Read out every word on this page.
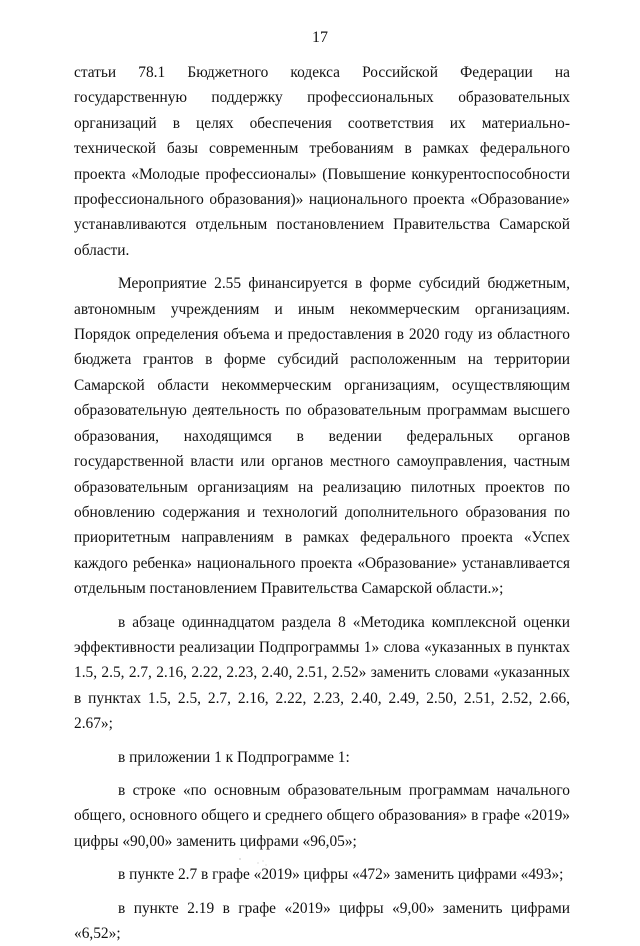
17

статьи 78.1 Бюджетного кодекса Российской Федерации на государственную поддержку профессиональных образовательных организаций в целях обеспечения соответствия их материально-технической базы современным требованиям в рамках федерального проекта «Молодые профессионалы» (Повышение конкурентоспособности профессионального образования)» национального проекта «Образование» устанавливаются отдельным постановлением Правительства Самарской области.

Мероприятие 2.55 финансируется в форме субсидий бюджетным, автономным учреждениям и иным некоммерческим организациям. Порядок определения объема и предоставления в 2020 году из областного бюджета грантов в форме субсидий расположенным на территории Самарской области некоммерческим организациям, осуществляющим образовательную деятельность по образовательным программам высшего образования, находящимся в ведении федеральных органов государственной власти или органов местного самоуправления, частным образовательным организациям на реализацию пилотных проектов по обновлению содержания и технологий дополнительного образования по приоритетным направлениям в рамках федерального проекта «Успех каждого ребенка» национального проекта «Образование» устанавливается отдельным постановлением Правительства Самарской области.»;

в абзаце одиннадцатом раздела 8 «Методика комплексной оценки эффективности реализации Подпрограммы 1» слова «указанных в пунктах 1.5, 2.5, 2.7, 2.16, 2.22, 2.23, 2.40, 2.51, 2.52» заменить словами «указанных в пунктах 1.5, 2.5, 2.7, 2.16, 2.22, 2.23, 2.40, 2.49, 2.50, 2.51, 2.52, 2.66, 2.67»;

в приложении 1 к Подпрограмме 1:

в строке «по основным образовательным программам начального общего, основного общего и среднего общего образования» в графе «2019» цифры «90,00» заменить цифрами «96,05»;

в пункте 2.7 в графе «2019» цифры «472» заменить цифрами «493»;

в пункте 2.19 в графе «2019» цифры «9,00» заменить цифрами «6,52»;
